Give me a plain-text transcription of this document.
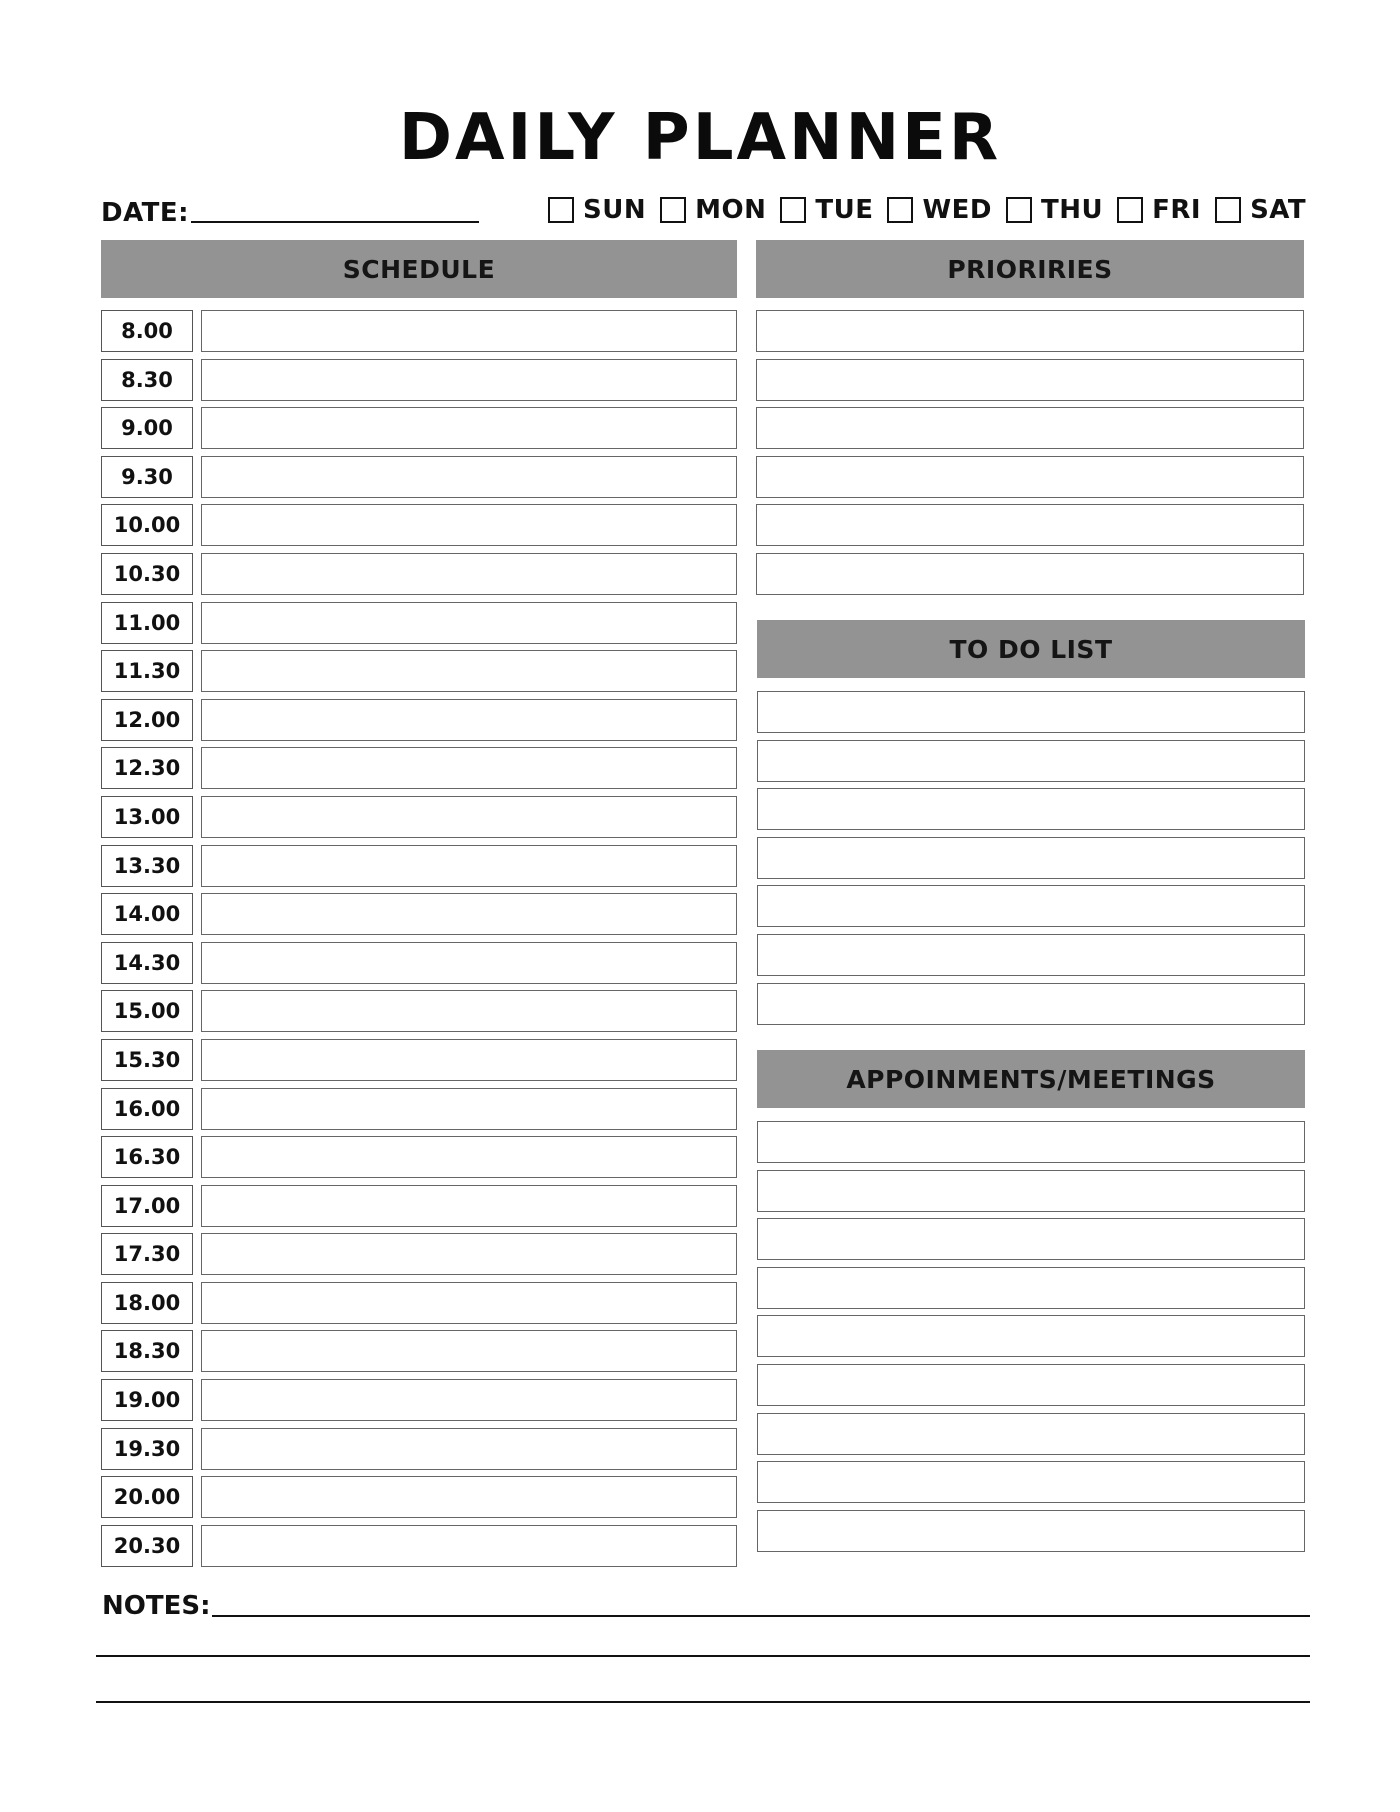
DAILY PLANNER
DATE:	SUN MON TUE WED THU FRI SAT
SCHEDULE	PRIORIRIES
TO DO LIST
APPOINMENTS/MEETINGS
8.00
8.30
9.00
9.30
10.00
10.30
11.00
11.30
12.00
12.30
13.00
13.30
14.00
14.30
15.00
15.30
16.00
16.30
17.00
17.30
18.00
18.30
19.00
19.30
20.00
20.30
NOTES:
